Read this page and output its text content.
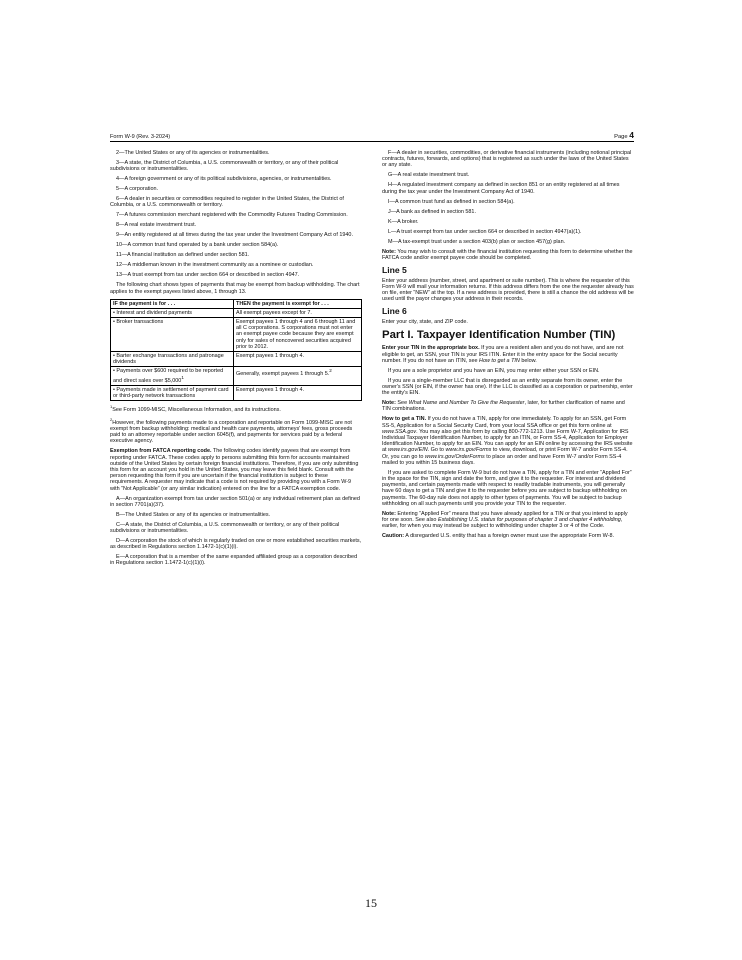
Form W-9 (Rev. 3-2024)	Page 4

2—The United States or any of its agencies or instrumentalities.

3—A state, the District of Columbia, a U.S. commonwealth or territory, or any of their political subdivisions or instrumentalities.

4—A foreign government or any of its political subdivisions, agencies, or instrumentalities.

5—A corporation.

6—A dealer in securities or commodities required to register in the United States, the District of Columbia, or a U.S. commonwealth or territory.

7—A futures commission merchant registered with the Commodity Futures Trading Commission.

8—A real estate investment trust.

9—An entity registered at all times during the tax year under the Investment Company Act of 1940.

10—A common trust fund operated by a bank under section 584(a).

11—A financial institution as defined under section 581.

12—A middleman known in the investment community as a nominee or custodian.

13—A trust exempt from tax under section 664 or described in section 4947.

The following chart shows types of payments that may be exempt from backup withholding. The chart applies to the exempt payees listed above, 1 through 13.

IF the payment is for . . .	THEN the payment is exempt for . . .
• Interest and dividend payments	All exempt payees except for 7.
• Broker transactions	Exempt payees 1 through 4 and 6 through 11 and all C corporations. S corporations must not enter an exempt payee code because they are exempt only for sales of noncovered securities acquired prior to 2012.
• Barter exchange transactions and patronage dividends	Exempt payees 1 through 4.
• Payments over $600 required to be reported and direct sales over $5,000$^1$	Generally, exempt payees 1 through 5.$^2$
• Payments made in settlement of payment card or third-party network transactions	Exempt payees 1 through 4.

$^1$See Form 1099-MISC, Miscellaneous Information, and its instructions.

$^2$However, the following payments made to a corporation and reportable on Form 1099-MISC are not exempt from backup withholding: medical and health care payments, attorneys' fees, gross proceeds paid to an attorney reportable under section 6045(f), and payments for services paid by a federal executive agency.

Exemption from FATCA reporting code. The following codes identify payees that are exempt from reporting under FATCA. These codes apply to persons submitting this form for accounts maintained outside of the United States by certain foreign financial institutions. Therefore, if you are only submitting this form for an account you hold in the United States, you may leave this field blank. Consult with the person requesting this form if you are uncertain if the financial institution is subject to these requirements. A requester may indicate that a code is not required by providing you with a Form W-9 with “Not Applicable” (or any similar indication) entered on the line for a FATCA exemption code.

A—An organization exempt from tax under section 501(a) or any individual retirement plan as defined in section 7701(a)(37).

B—The United States or any of its agencies or instrumentalities.

C—A state, the District of Columbia, a U.S. commonwealth or territory, or any of their political subdivisions or instrumentalities.

D—A corporation the stock of which is regularly traded on one or more established securities markets, as described in Regulations section 1.1472-1(c)(1)(i).

E—A corporation that is a member of the same expanded affiliated group as a corporation described in Regulations section 1.1472-1(c)(1)(i).

F—A dealer in securities, commodities, or derivative financial instruments (including notional principal contracts, futures, forwards, and options) that is registered as such under the laws of the United States or any state.

G—A real estate investment trust.

H—A regulated investment company as defined in section 851 or an entity registered at all times during the tax year under the Investment Company Act of 1940.

I—A common trust fund as defined in section 584(a).

J—A bank as defined in section 581.

K—A broker.

L—A trust exempt from tax under section 664 or described in section 4947(a)(1).

M—A tax-exempt trust under a section 403(b) plan or section 457(g) plan.

Note: You may wish to consult with the financial institution requesting this form to determine whether the FATCA code and/or exempt payee code should be completed.

Line 5

Enter your address (number, street, and apartment or suite number). This is where the requester of this Form W-9 will mail your information returns. If this address differs from the one the requester already has on file, enter “NEW” at the top. If a new address is provided, there is still a chance the old address will be used until the payor changes your address in their records.

Line 6

Enter your city, state, and ZIP code.

Part I. Taxpayer Identification Number (TIN)

Enter your TIN in the appropriate box. If you are a resident alien and you do not have, and are not eligible to get, an SSN, your TIN is your IRS ITIN. Enter it in the entry space for the Social security number. If you do not have an ITIN, see How to get a TIN below.

If you are a sole proprietor and you have an EIN, you may enter either your SSN or EIN.

If you are a single-member LLC that is disregarded as an entity separate from its owner, enter the owner's SSN (or EIN, if the owner has one). If the LLC is classified as a corporation or partnership, enter the entity's EIN.

Note: See What Name and Number To Give the Requester, later, for further clarification of name and TIN combinations.

How to get a TIN. If you do not have a TIN, apply for one immediately. To apply for an SSN, get Form SS-5, Application for a Social Security Card, from your local SSA office or get this form online at www.SSA.gov. You may also get this form by calling 800-772-1213. Use Form W-7, Application for IRS Individual Taxpayer Identification Number, to apply for an ITIN, or Form SS-4, Application for Employer Identification Number, to apply for an EIN. You can apply for an EIN online by accessing the IRS website at www.irs.gov/EIN. Go to www.irs.gov/Forms to view, download, or print Form W-7 and/or Form SS-4. Or, you can go to www.irs.gov/OrderForms to place an order and have Form W-7 and/or Form SS-4 mailed to you within 15 business days.

If you are asked to complete Form W-9 but do not have a TIN, apply for a TIN and enter “Applied For” in the space for the TIN, sign and date the form, and give it to the requester. For interest and dividend payments, and certain payments made with respect to readily tradable instruments, you will generally have 60 days to get a TIN and give it to the requester before you are subject to backup withholding on payments. The 60-day rule does not apply to other types of payments. You will be subject to backup withholding on all such payments until you provide your TIN to the requester.

Note: Entering “Applied For” means that you have already applied for a TIN or that you intend to apply for one soon. See also Establishing U.S. status for purposes of chapter 3 and chapter 4 withholding, earlier, for when you may instead be subject to withholding under chapter 3 or 4 of the Code.

Caution: A disregarded U.S. entity that has a foreign owner must use the appropriate Form W-8.

15
